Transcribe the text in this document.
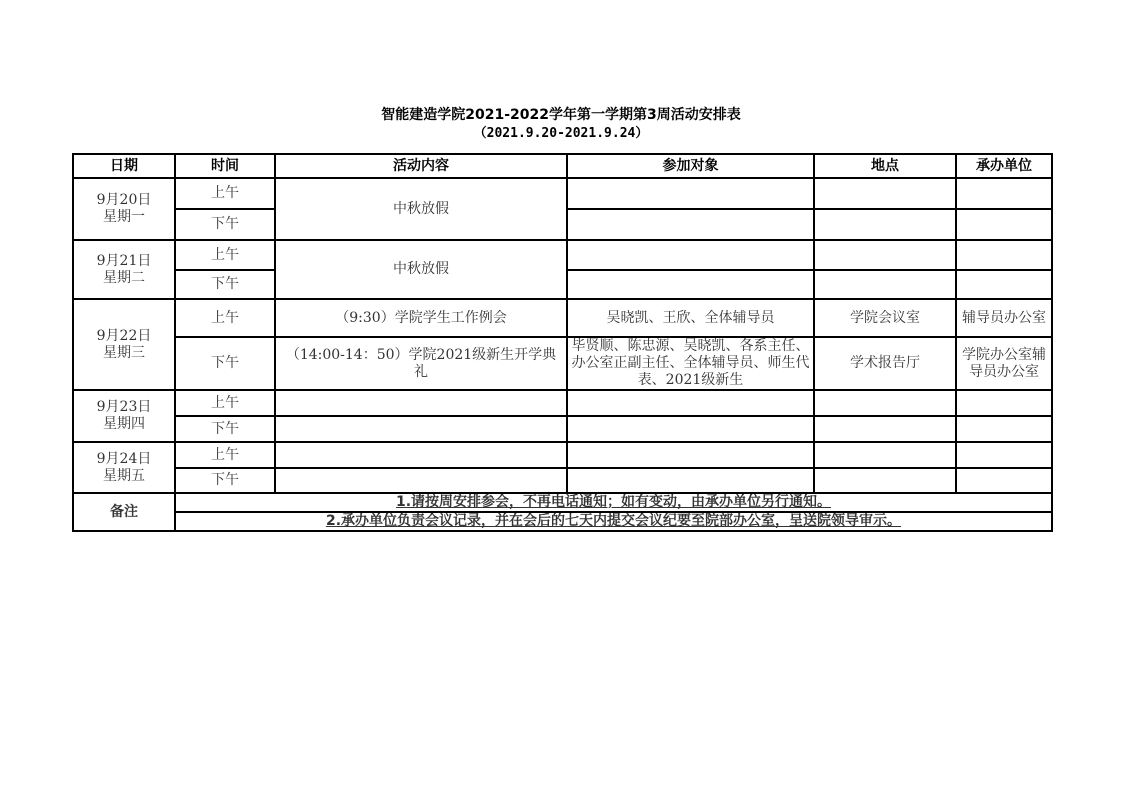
智能建造学院2021-2022学年第一学期第3周活动安排表
（2021.9.20-2021.9.24）
日期	时间	活动内容	参加对象	地点	承办单位
9月20日
星期一	上午	中秋放假			
	下午				
9月21日
星期二	上午	中秋放假			
	下午				
9月22日
星期三	上午	（9:30）学院学生工作例会	吴晓凯、王欣、全体辅导员	学院会议室	辅导员办公室
	下午	（14:00-14：50）学院2021级新生开学典礼	毕贤顺、陈忠源、吴晓凯、各系主任、办公室正副主任、全体辅导员、师生代表、2021级新生	学术报告厅	学院办公室辅导员办公室
9月23日
星期四	上午				
	下午				
9月24日
星期五	上午				
	下午				
备注	1.请按周安排参会，不再电话通知；如有变动，由承办单位另行通知。				
	2.承办单位负责会议记录，并在会后的七天内提交会议纪要至院部办公室，呈送院领导审示。				
